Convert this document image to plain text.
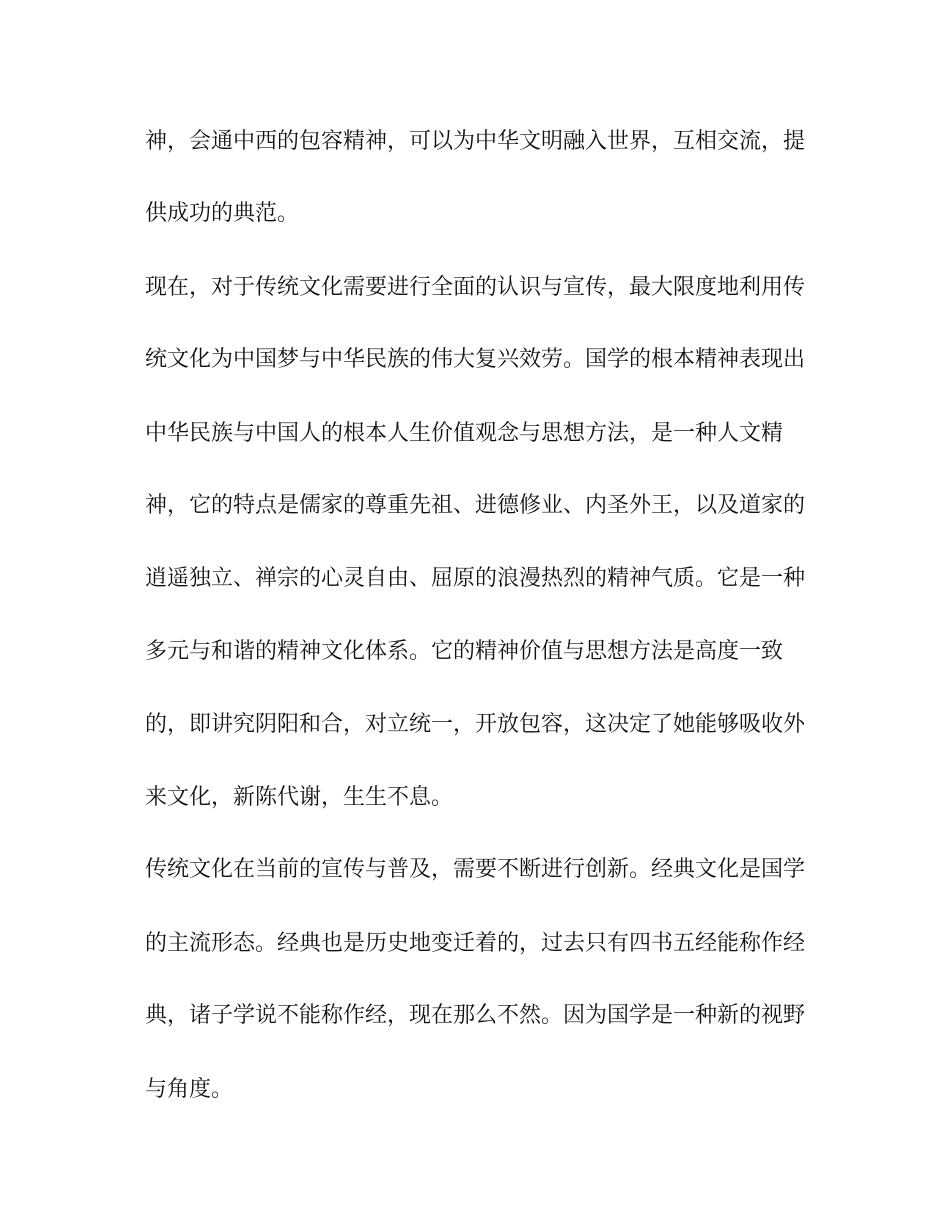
神，会通中西的包容精神，可以为中华文明融入世界，互相交流，提

供成功的典范。

现在，对于传统文化需要进行全面的认识与宣传，最大限度地利用传

统文化为中国梦与中华民族的伟大复兴效劳。国学的根本精神表现出

中华民族与中国人的根本人生价值观念与思想方法，是一种人文精

神，它的特点是儒家的尊重先祖、进德修业、内圣外王，以及道家的

逍遥独立、禅宗的心灵自由、屈原的浪漫热烈的精神气质。它是一种

多元与和谐的精神文化体系。它的精神价值与思想方法是高度一致

的，即讲究阴阳和合，对立统一，开放包容，这决定了她能够吸收外

来文化，新陈代谢，生生不息。

传统文化在当前的宣传与普及，需要不断进行创新。经典文化是国学

的主流形态。经典也是历史地变迁着的，过去只有四书五经能称作经

典，诸子学说不能称作经，现在那么不然。因为国学是一种新的视野

与角度。
